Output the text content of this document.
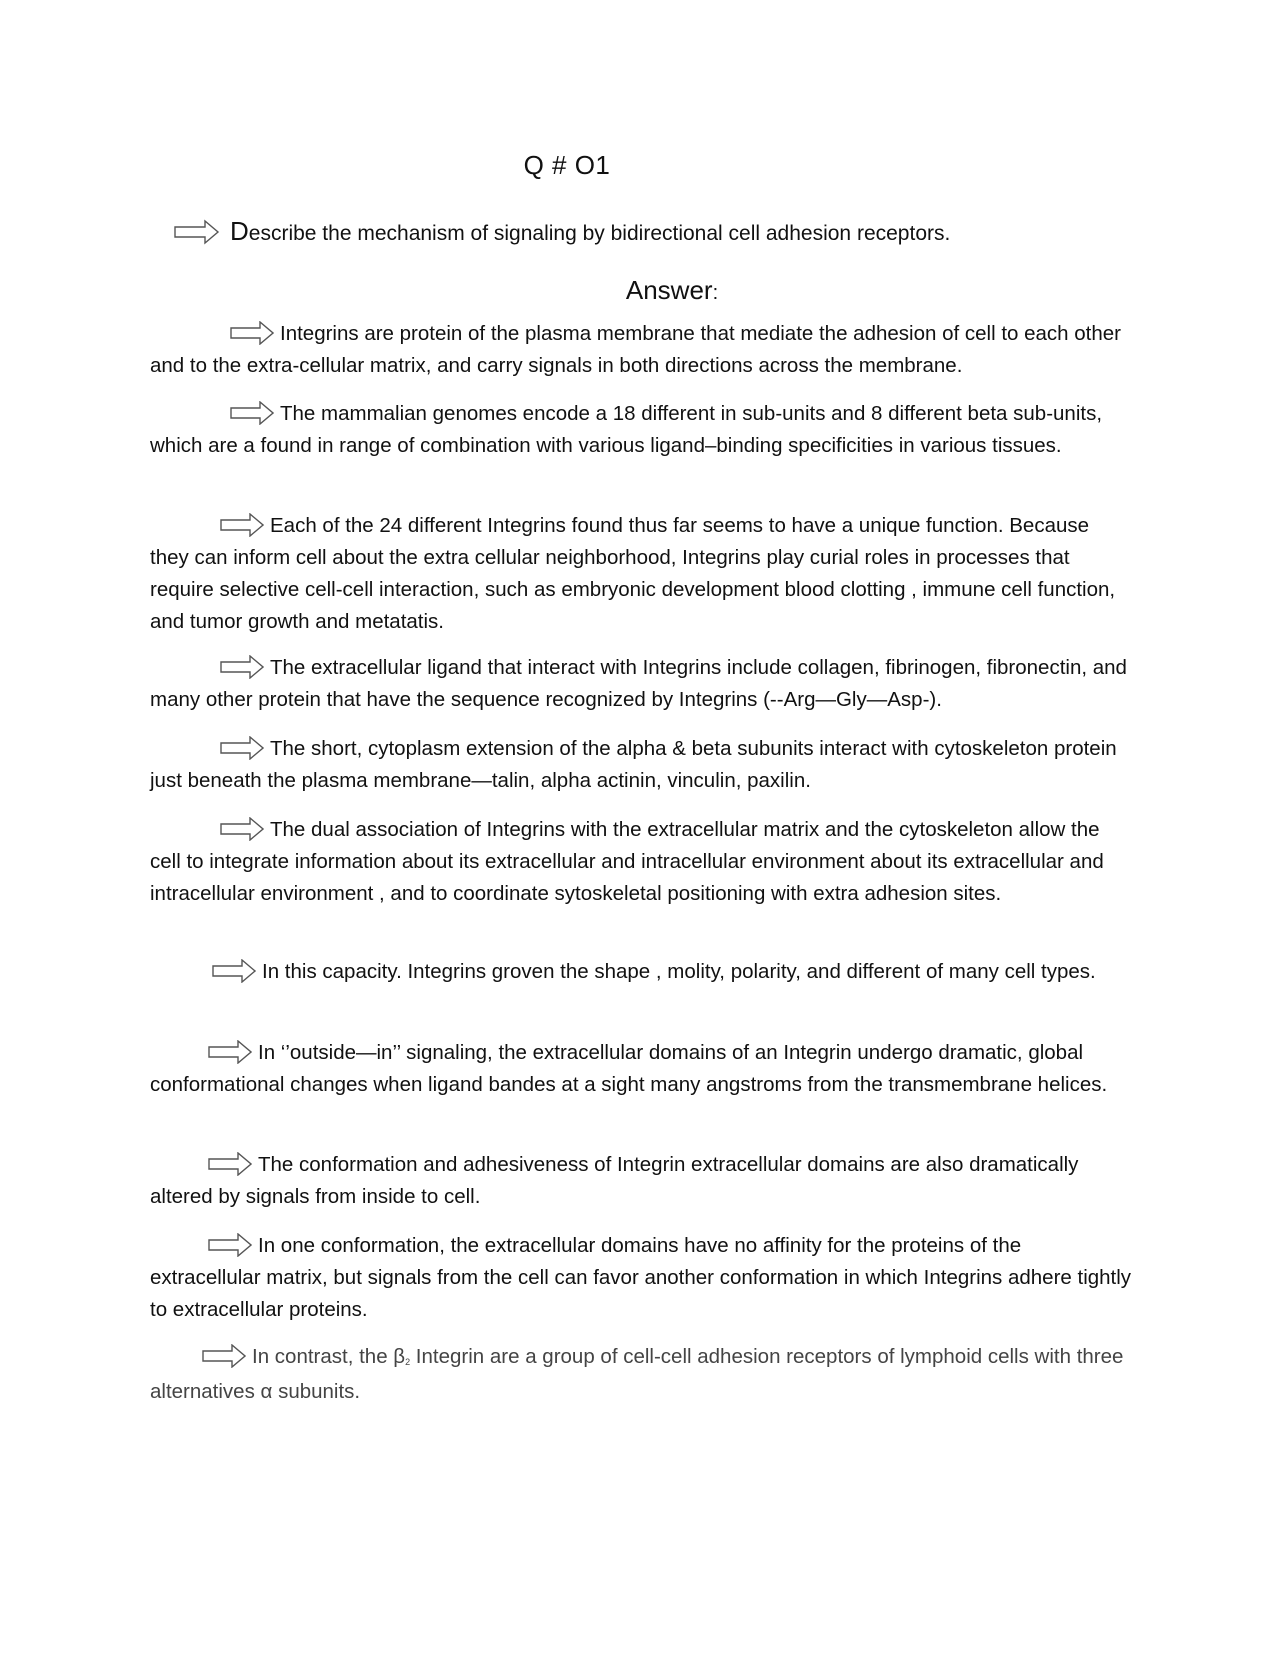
Q # O1
Describe the mechanism of signaling by bidirectional cell adhesion receptors.
Answer:

Integrins are protein of the plasma membrane that mediate the adhesion of cell to each other and to the extra-cellular matrix, and carry signals in both directions across the membrane.

The mammalian genomes encode a 18 different in sub-units and 8 different beta sub-units, which are a found in range of combination with various ligand–binding specificities in various tissues.

Each of the 24 different Integrins found thus far seems to have a unique function. Because they can inform cell about the extra cellular neighborhood, Integrins play curial roles in processes that require selective cell-cell interaction, such as embryonic development blood clotting , immune cell function, and tumor growth and metatatis.

The extracellular ligand that interact with Integrins include collagen, fibrinogen, fibronectin, and many other protein that have the sequence recognized by Integrins (--Arg—Gly—Asp-).

The short, cytoplasm extension of the alpha & beta subunits interact with cytoskeleton protein just beneath the plasma membrane—talin, alpha actinin, vinculin, paxilin.

The dual association of Integrins with the extracellular matrix and the cytoskeleton allow the cell to integrate information about its extracellular and intracellular environment about its extracellular and intracellular environment , and to coordinate sytoskeletal positioning with extra adhesion sites.

In this capacity. Integrins groven the shape , molity, polarity, and different of many cell types.

In ‘’outside—in’’ signaling, the extracellular domains of an Integrin undergo dramatic, global conformational changes when ligand bandes at a sight many angstroms from the transmembrane helices.

The conformation and adhesiveness of Integrin extracellular domains are also dramatically altered by signals from inside to cell.

In one conformation, the extracellular domains have no affinity for the proteins of the extracellular matrix, but signals from the cell can favor another conformation in which Integrins adhere tightly to extracellular proteins.

In contrast, the $\beta_2$ Integrin are a group of cell-cell adhesion receptors of lymphoid cells with three alternatives α subunits.
